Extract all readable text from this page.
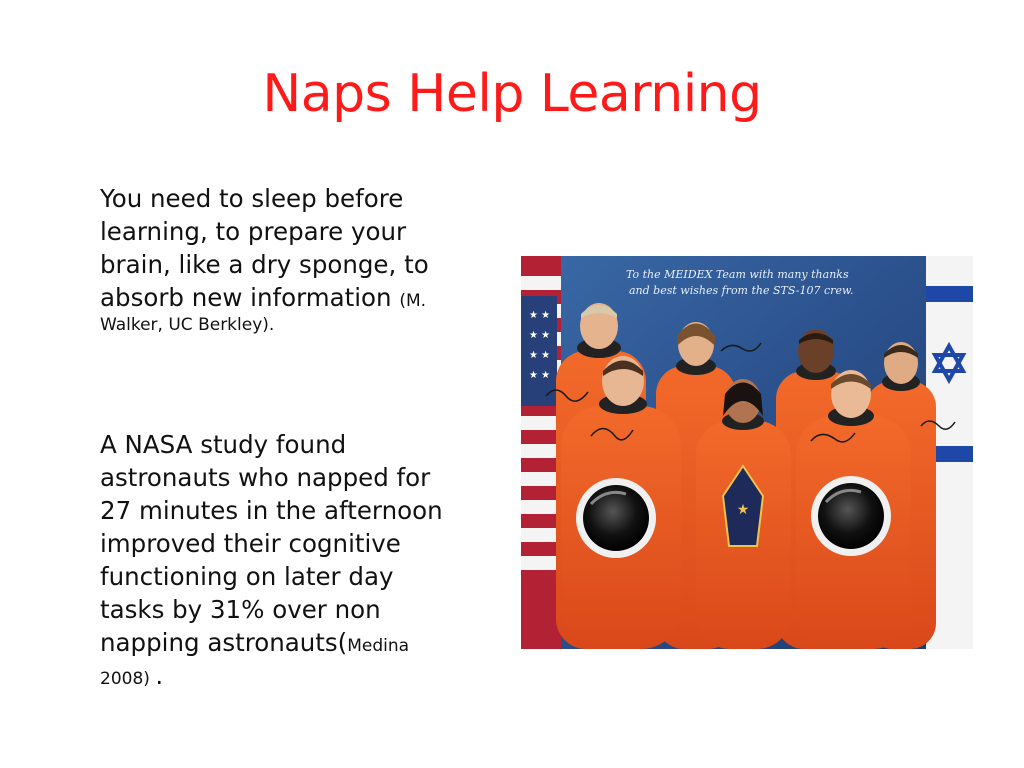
Naps Help Learning
You need to sleep before
learning, to prepare your
brain, like a dry sponge, to
absorb new information (M.
Walker, UC Berkley).
A NASA study found
astronauts who napped for
27 minutes in the afternoon
improved their cognitive
functioning on later day
tasks by 31% over non
napping astronauts(Medina
2008) .
★ ★
★ ★
★ ★
★ ★
To the MEIDEX Team with many thanks
and best wishes from the STS-107 crew.
★
